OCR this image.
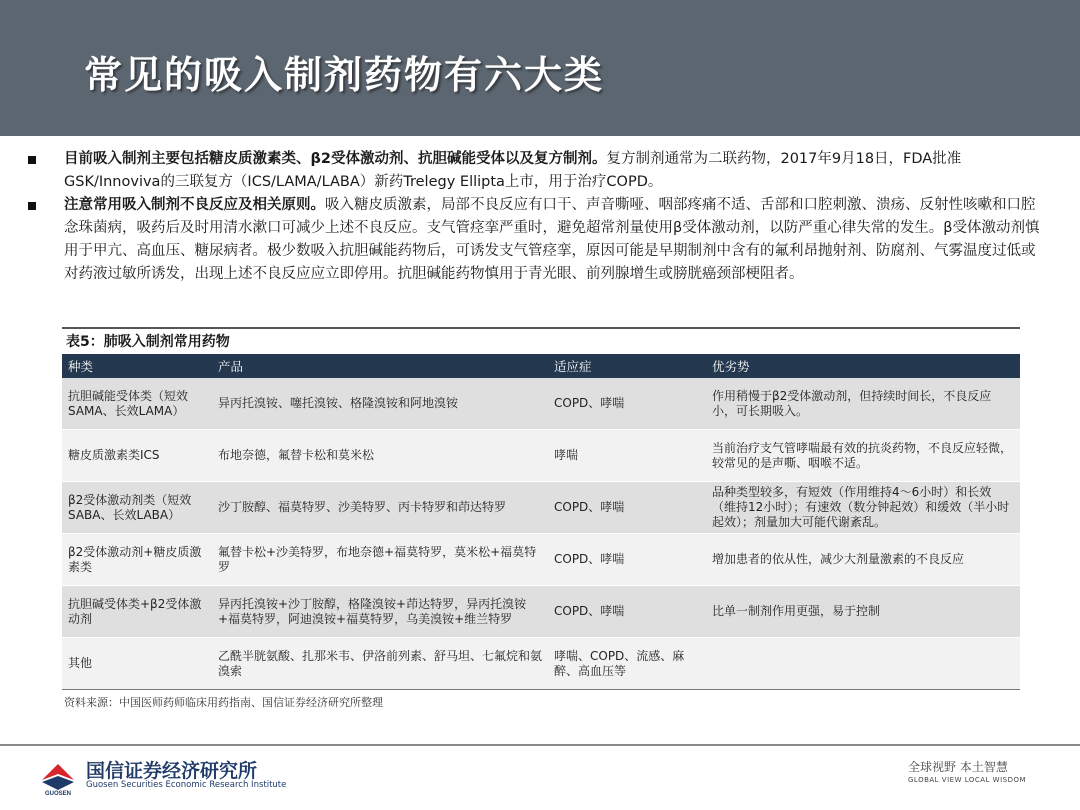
常见的吸入制剂药物有六大类
目前吸入制剂主要包括糖皮质激素类、β2受体激动剂、抗胆碱能受体以及复方制剂。复方制剂通常为二联药物，2017年9月18日，FDA批准GSK/Innoviva的三联复方（ICS/LAMA/LABA）新药Trelegy Ellipta上市，用于治疗COPD。
注意常用吸入制剂不良反应及相关原则。吸入糖皮质激素，局部不良反应有口干、声音嘶哑、咽部疼痛不适、舌部和口腔刺激、溃疡、反射性咳嗽和口腔念珠菌病，吸药后及时用清水漱口可减少上述不良反应。支气管痉挛严重时，避免超常剂量使用β受体激动剂，以防严重心律失常的发生。β受体激动剂慎用于甲亢、高血压、糖尿病者。极少数吸入抗胆碱能药物后，可诱发支气管痉挛，原因可能是早期制剂中含有的氟利昂抛射剂、防腐剂、气雾温度过低或对药液过敏所诱发，出现上述不良反应应立即停用。抗胆碱能药物慎用于青光眼、前列腺增生或膀胱癌颈部梗阻者。
表5：肺吸入制剂常用药物
种类	产品	适应症	优劣势
抗胆碱能受体类（短效SAMA、长效LAMA）	异丙托溴铵、噻托溴铵、格隆溴铵和阿地溴铵	COPD、哮喘	作用稍慢于β2受体激动剂，但持续时间长，不良反应小，可长期吸入。
糖皮质激素类ICS	布地奈德，氟替卡松和莫米松	哮喘	当前治疗支气管哮喘最有效的抗炎药物，不良反应轻微，较常见的是声嘶、咽喉不适。
β2受体激动剂类（短效SABA、长效LABA）	沙丁胺醇、福莫特罗、沙美特罗、丙卡特罗和茚达特罗	COPD、哮喘	品种类型较多，有短效（作用维持4～6小时）和长效（维持12小时）；有速效（数分钟起效）和缓效（半小时起效）；剂量加大可能代谢紊乱。
β2受体激动剂+糖皮质激素类	氟替卡松+沙美特罗，布地奈德+福莫特罗，莫米松+福莫特罗	COPD、哮喘	增加患者的依从性，减少大剂量激素的不良反应
抗胆碱受体类+β2受体激动剂	异丙托溴铵+沙丁胺醇，格隆溴铵+茚达特罗，异丙托溴铵+福莫特罗，阿迪溴铵+福莫特罗，乌美溴铵+维兰特罗	COPD、哮喘	比单一制剂作用更强，易于控制
其他	乙酰半胱氨酸、扎那米韦、伊洛前列素、舒马坦、七氟烷和氨溴索	哮喘、COPD、流感、麻醉、高血压等	
资料来源：中国医师药师临床用药指南、国信证券经济研究所整理
GUOSEN
国信证券经济研究所
Guosen Securities Economic Research Institute
全球视野 本土智慧
GLOBAL VIEW LOCAL WISDOM
